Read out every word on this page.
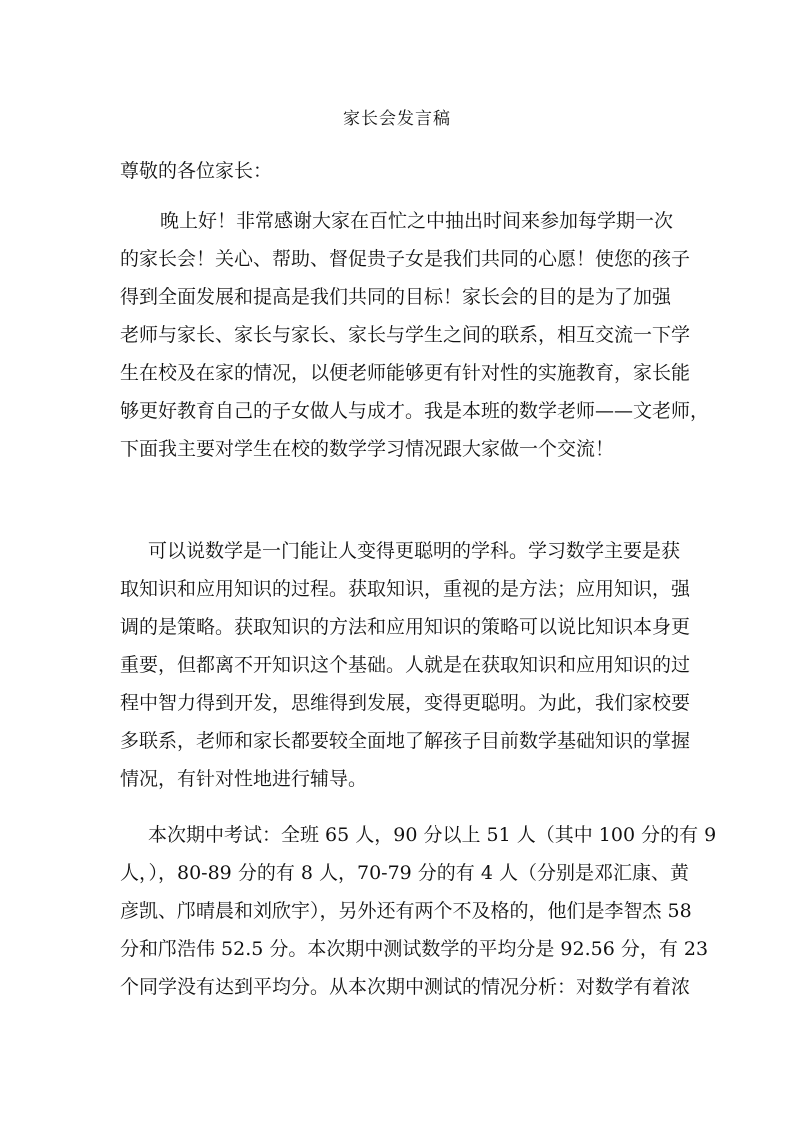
家长会发言稿

尊敬的各位家长：

晚上好！非常感谢大家在百忙之中抽出时间来参加每学期一次
的家长会！关心、帮助、督促贵子女是我们共同的心愿！使您的孩子
得到全面发展和提高是我们共同的目标！家长会的目的是为了加强
老师与家长、家长与家长、家长与学生之间的联系，相互交流一下学
生在校及在家的情况，以便老师能够更有针对性的实施教育，家长能
够更好教育自己的子女做人与成才。我是本班的数学老师——文老师，
下面我主要对学生在校的数学学习情况跟大家做一个交流！
可以说数学是一门能让人变得更聪明的学科。学习数学主要是获
取知识和应用知识的过程。获取知识，重视的是方法；应用知识，强
调的是策略。获取知识的方法和应用知识的策略可以说比知识本身更
重要，但都离不开知识这个基础。人就是在获取知识和应用知识的过
程中智力得到开发，思维得到发展，变得更聪明。为此，我们家校要
多联系，老师和家长都要较全面地了解孩子目前数学基础知识的掌握
情况，有针对性地进行辅导。
本次期中考试：全班 65 人，90 分以上 51 人（其中 100 分的有 9
人，），80-89 分的有 8 人，70-79 分的有 4 人（分别是邓汇康、黄
彦凯、邝晴晨和刘欣宇），另外还有两个不及格的，他们是李智杰 58
分和邝浩伟 52.5 分。本次期中测试数学的平均分是 92.56 分，有 23
个同学没有达到平均分。从本次期中测试的情况分析：对数学有着浓
